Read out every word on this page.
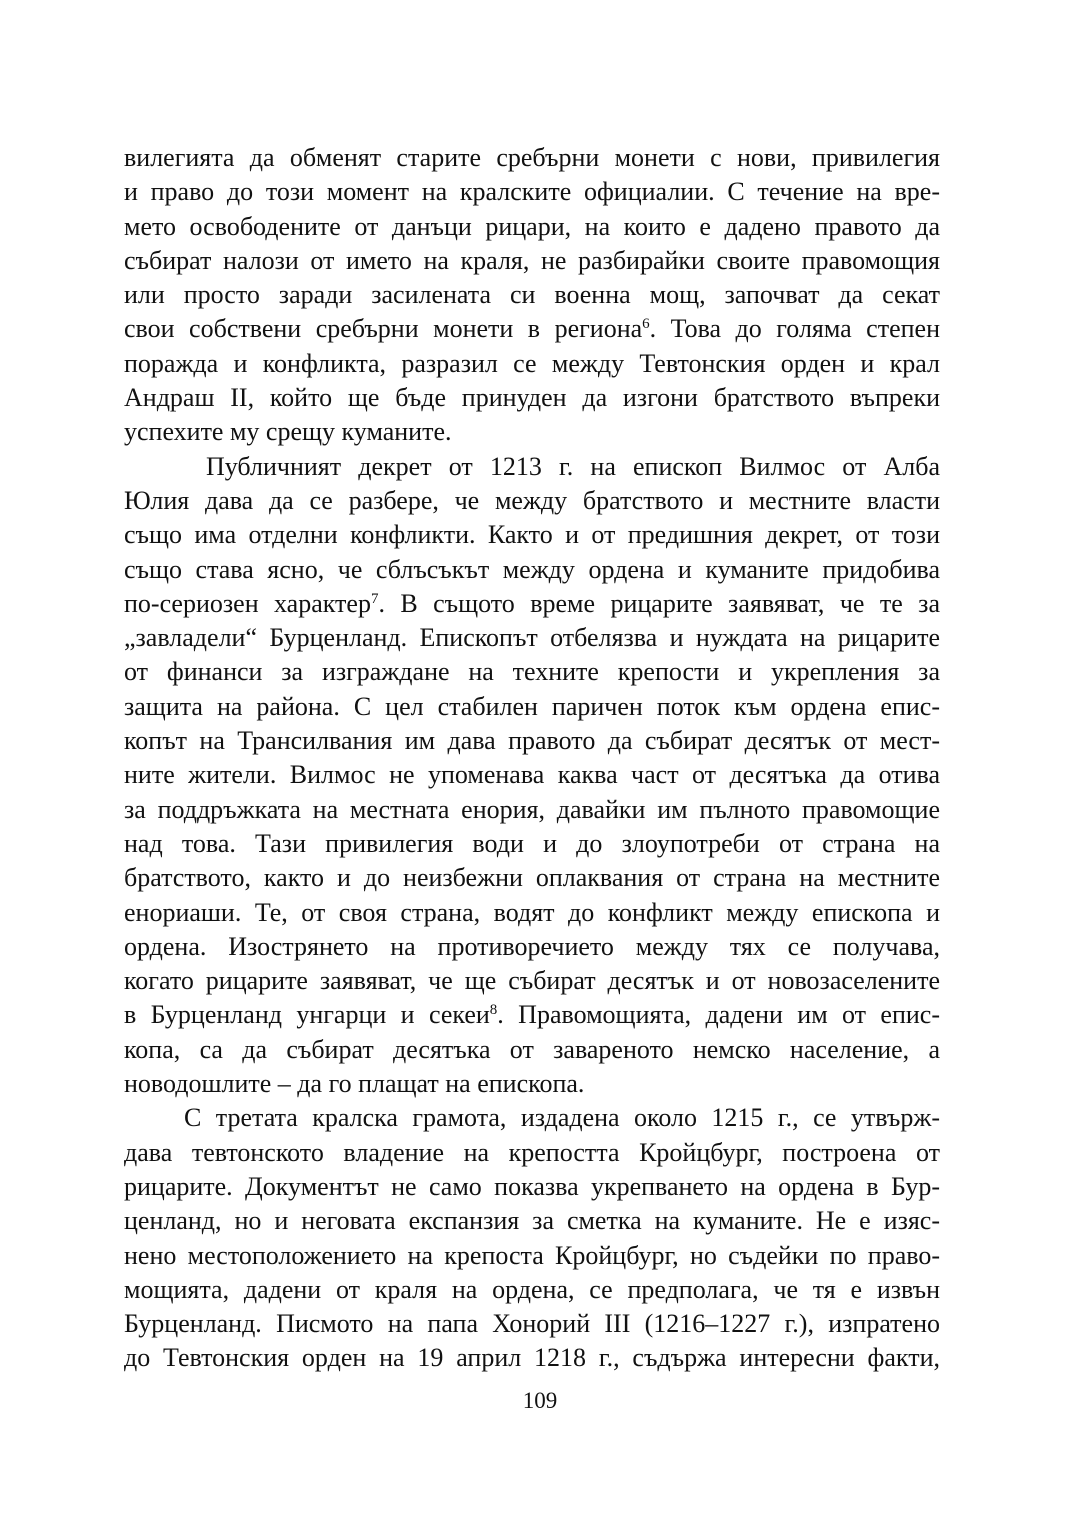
вилегията да обменят старите сребърни монети с нови, привилегия
и право до този момент на кралските официалии. С течение на вре-
мето освободените от данъци рицари, на които е дадено правото да
събират налози от името на краля, не разбирайки своите правомощия
или просто заради засилената си военна мощ, започват да секат
свои собствени сребърни монети в региона$^6$. Това до голяма степен
поражда и конфликта, разразил се между Тевтонския орден и крал
Андраш II, който ще бъде принуден да изгони братството въпреки
успехите му срещу куманите.
Публичният декрет от 1213 г. на епископ Вилмос от Алба
Юлия дава да се разбере, че между братството и местните власти
също има отделни конфликти. Както и от предишния декрет, от този
също става ясно, че сблъсъкът между ордена и куманите придобива
по-сериозен характер$^7$. В същото време рицарите заявяват, че те за
„завладели“ Бурценланд. Епископът отбелязва и нуждата на рицарите
от финанси за изграждане на техните крепости и укрепления за
защита на района. С цел стабилен паричен поток към ордена епис-
копът на Трансилвания им дава правото да събират десятък от мест-
ните жители. Вилмос не упоменава каква част от десятъка да отива
за поддръжката на местната енория, давайки им пълното правомощие
над това. Тази привилегия води и до злоупотреби от страна на
братството, както и до неизбежни оплаквания от страна на местните
енориаши. Те, от своя страна, водят до конфликт между епископа и
ордена. Изострянето на противоречието между тях се получава,
когато рицарите заявяват, че ще събират десятък и от новозаселените
в Бурценланд унгарци и секеи$^8$. Правомощията, дадени им от епис-
копа, са да събират десятъка от завареното немско население, а
новодошлите – да го плащат на епископа.
С третата кралска грамота, издадена около 1215 г., се утвърж-
дава тевтонското владение на крепостта Кройцбург, построена от
рицарите. Документът не само показва укрепването на ордена в Бур-
ценланд, но и неговата експанзия за сметка на куманите. Не е изяс-
нено местоположението на крепоста Кройцбург, но съдейки по право-
мощията, дадени от краля на ордена, се предполага, че тя е извън
Бурценланд. Писмото на папа Хонорий III (1216–1227 г.), изпратено
до Тевтонския орден на 19 април 1218 г., съдържа интересни факти,
109
